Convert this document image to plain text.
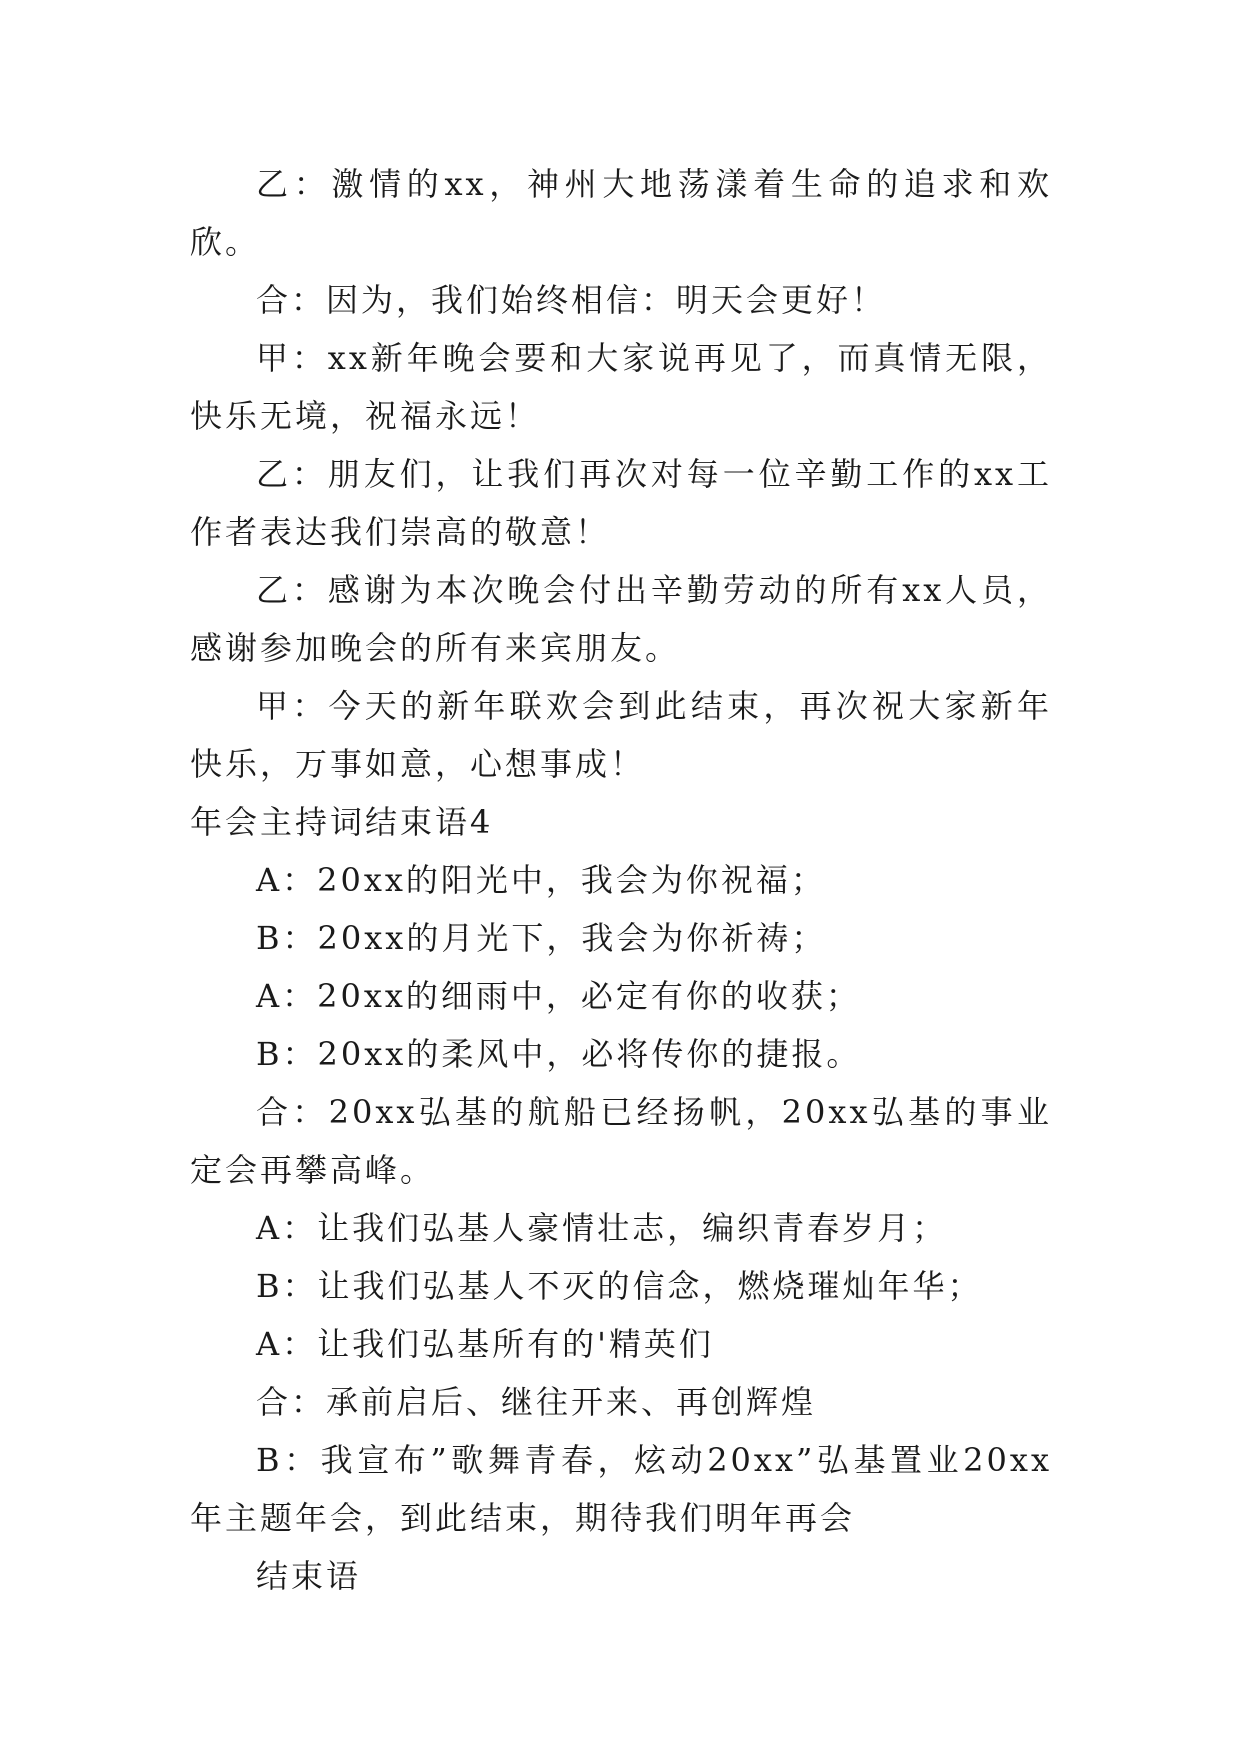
乙：激情的xx，神州大地荡漾着生命的追求和欢欣。

合：因为，我们始终相信：明天会更好！

甲：xx新年晚会要和大家说再见了，而真情无限，快乐无境，祝福永远！

乙：朋友们，让我们再次对每一位辛勤工作的xx工作者表达我们崇高的敬意！

乙：感谢为本次晚会付出辛勤劳动的所有xx人员，感谢参加晚会的所有来宾朋友。

甲：今天的新年联欢会到此结束，再次祝大家新年快乐，万事如意，心想事成！

年会主持词结束语4

A：20xx的阳光中，我会为你祝福；

B：20xx的月光下，我会为你祈祷；

A：20xx的细雨中，必定有你的收获；

B：20xx的柔风中，必将传你的捷报。

合：20xx弘基的航船已经扬帆，20xx弘基的事业定会再攀高峰。

A：让我们弘基人豪情壮志，编织青春岁月；

B：让我们弘基人不灭的信念，燃烧璀灿年华；

A：让我们弘基所有的'精英们

合：承前启后、继往开来、再创辉煌

B：我宣布”歌舞青春，炫动20xx”弘基置业20xx年主题年会，到此结束，期待我们明年再会

结束语
